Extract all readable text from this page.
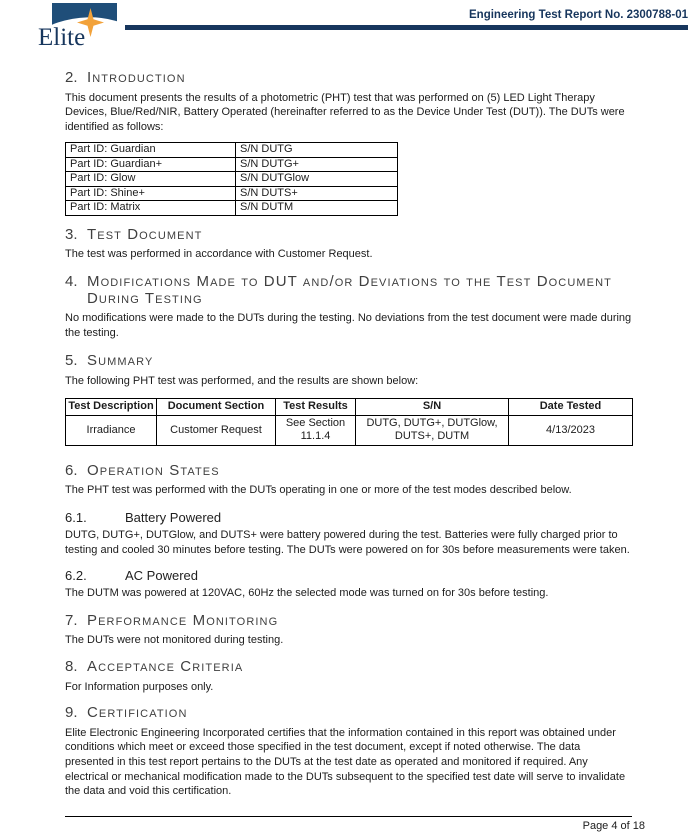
Elite
Engineering Test Report No. 2300788-01
2. Introduction

This document presents the results of a photometric (PHT) test that was performed on (5) LED Light Therapy Devices, Blue/Red/NIR, Battery Operated (hereinafter referred to as the Device Under Test (DUT)). The DUTs were identified as follows:

Part ID: Guardian	S/N DUTG
Part ID: Guardian+	S/N DUTG+
Part ID: Glow	S/N DUTGlow
Part ID: Shine+	S/N DUTS+
Part ID: Matrix	S/N DUTM
3. Test Document

The test was performed in accordance with Customer Request.

4. Modifications Made to DUT and/or Deviations to the Test Document During Testing

No modifications were made to the DUTs during the testing. No deviations from the test document were made during the testing.

5. Summary

The following PHT test was performed, and the results are shown below:

Test Description	Document Section	Test Results	S/N	Date Tested
Irradiance	Customer Request	See Section 11.1.4	DUTG, DUTG+, DUTGlow, DUTS+, DUTM	4/13/2023
6. Operation States

The PHT test was performed with the DUTs operating in one or more of the test modes described below.

6.1.	Battery Powered

DUTG, DUTG+, DUTGlow, and DUTS+ were battery powered during the test. Batteries were fully charged prior to testing and cooled 30 minutes before testing. The DUTs were powered on for 30s before measurements were taken.

6.2.	AC Powered

The DUTM was powered at 120VAC, 60Hz the selected mode was turned on for 30s before testing.

7. Performance Monitoring

The DUTs were not monitored during testing.

8. Acceptance Criteria

For Information purposes only.

9. Certification

Elite Electronic Engineering Incorporated certifies that the information contained in this report was obtained under conditions which meet or exceed those specified in the test document, except if noted otherwise. The data presented in this test report pertains to the DUTs at the test date as operated and monitored if required. Any electrical or mechanical modification made to the DUTs subsequent to the specified test date will serve to invalidate the data and void this certification.

Page 4 of 18
